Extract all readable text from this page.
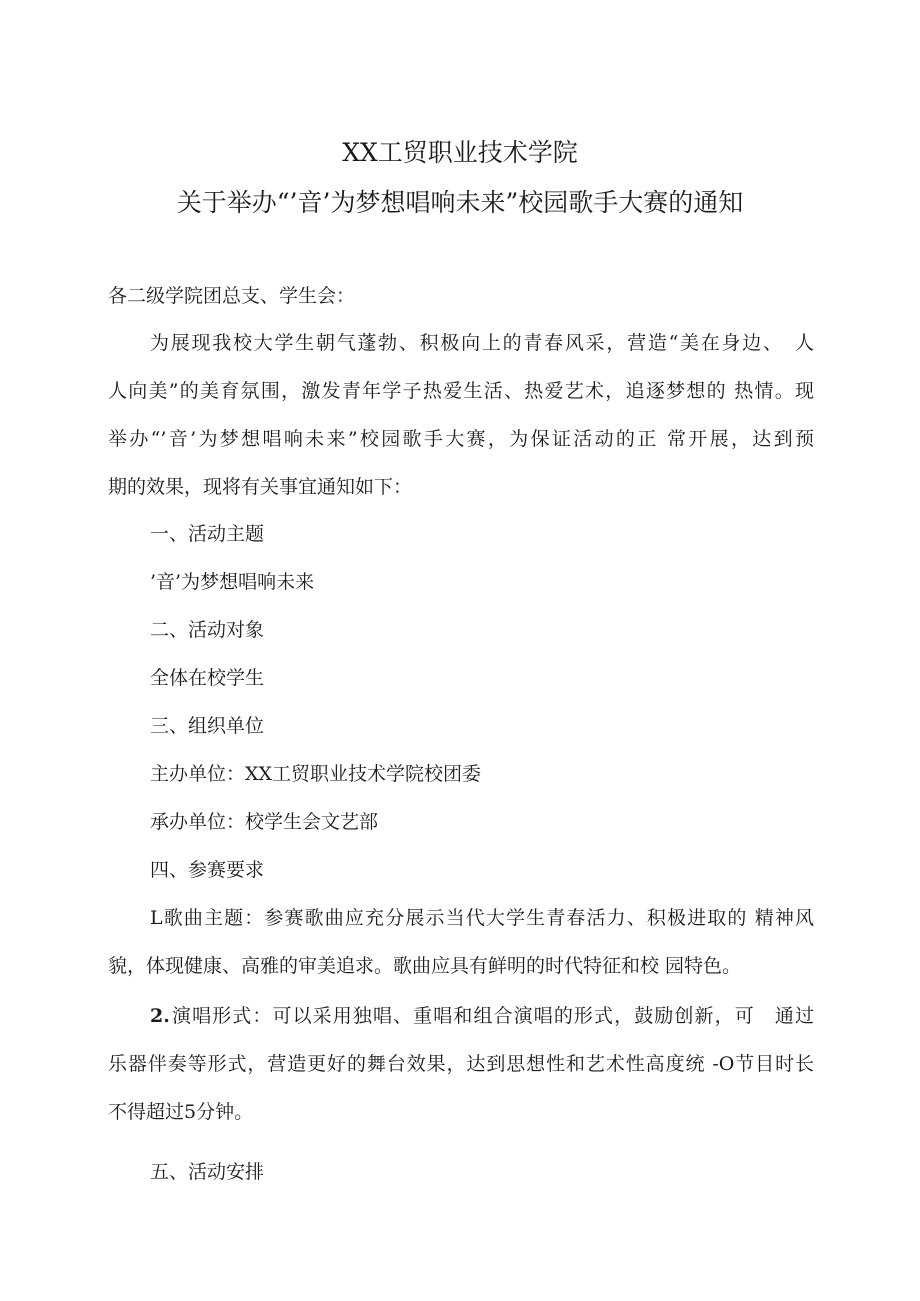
XX工贸职业技术学院
关于举办“’音’为梦想唱响未来”校园歌手大赛的通知
各二级学院团总支、学生会：
为展现我校大学生朝气蓬勃、积极向上的青春风采，营造“美在身边、　人
人向美”的美育氛围，激发青年学子热爱生活、热爱艺术，追逐梦想的 热情。现
举办“’音’为梦想唱响未来”校园歌手大赛，为保证活动的正 常开展，达到预
期的效果，现将有关事宜通知如下：
一、活动主题
’音’为梦想唱响未来
二、活动对象
全体在校学生
三、组织单位
主办单位：XX工贸职业技术学院校团委
承办单位：校学生会文艺部
四、参赛要求
L歌曲主题：参赛歌曲应充分展示当代大学生青春活力、积极进取的 精神风
貌，体现健康、高雅的审美追求。歌曲应具有鲜明的时代特征和校 园特色。
2. 演唱形式：可以采用独唱、重唱和组合演唱的形式，鼓励创新，可　通过
乐器伴奏等形式，营造更好的舞台效果，达到思想性和艺术性高度统 -O节目时长
不得超过5分钟。
五、活动安排
